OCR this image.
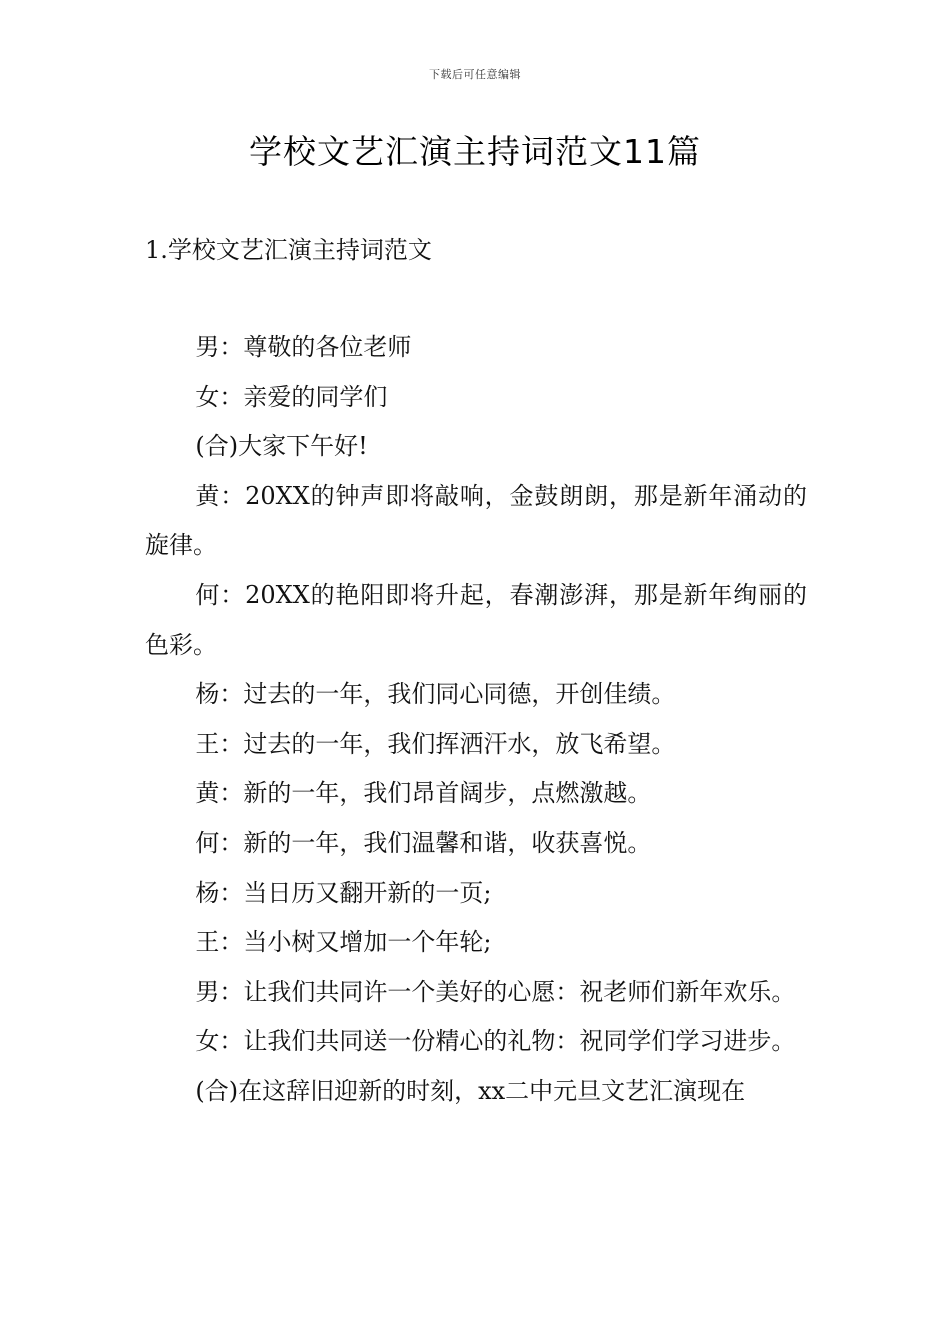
下载后可任意编辑
学校文艺汇演主持词范文11篇
1.学校文艺汇演主持词范文

男：尊敬的各位老师

女：亲爱的同学们

(合)大家下午好!

黄：20XX的钟声即将敲响，金鼓朗朗，那是新年涌动的旋律。

何：20XX的艳阳即将升起，春潮澎湃，那是新年绚丽的色彩。

杨：过去的一年，我们同心同德，开创佳绩。

王：过去的一年，我们挥洒汗水，放飞希望。

黄：新的一年，我们昂首阔步，点燃激越。

何：新的一年，我们温馨和谐，收获喜悦。

杨：当日历又翻开新的一页;

王：当小树又增加一个年轮;

男：让我们共同许一个美好的心愿：祝老师们新年欢乐。

女：让我们共同送一份精心的礼物：祝同学们学习进步。

(合)在这辞旧迎新的时刻，xx二中元旦文艺汇演现在
